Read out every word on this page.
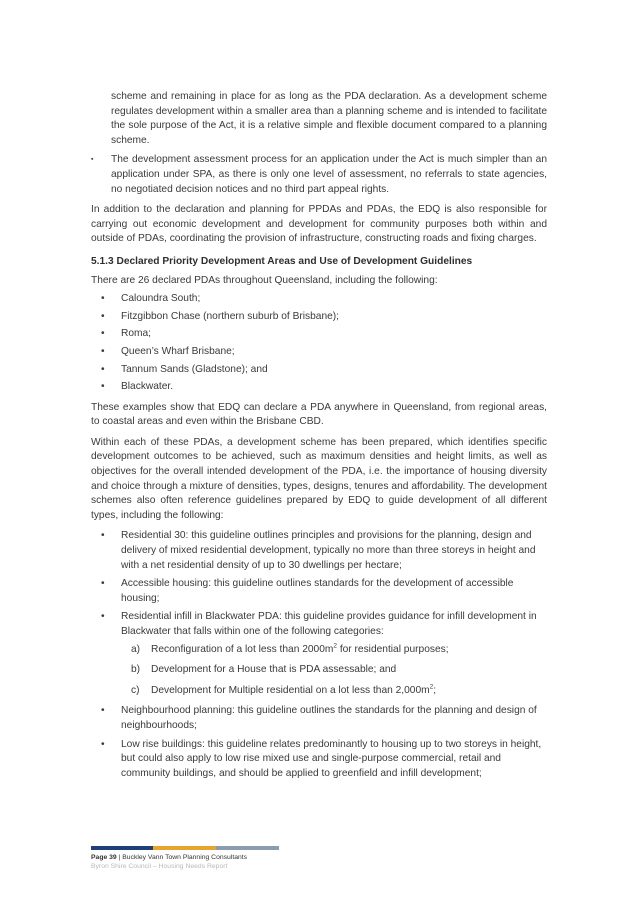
scheme and remaining in place for as long as the PDA declaration. As a development scheme regulates development within a smaller area than a planning scheme and is intended to facilitate the sole purpose of the Act, it is a relative simple and flexible document compared to a planning scheme.

▪ The development assessment process for an application under the Act is much simpler than an application under SPA, as there is only one level of assessment, no referrals to state agencies, no negotiated decision notices and no third part appeal rights.

In addition to the declaration and planning for PPDAs and PDAs, the EDQ is also responsible for carrying out economic development and development for community purposes both within and outside of PDAs, coordinating the provision of infrastructure, constructing roads and fixing charges.

5.1.3 Declared Priority Development Areas and Use of Development Guidelines

There are 26 declared PDAs throughout Queensland, including the following:

• Caloundra South;
• Fitzgibbon Chase (northern suburb of Brisbane);
• Roma;
• Queen’s Wharf Brisbane;
• Tannum Sands (Gladstone); and
• Blackwater.

These examples show that EDQ can declare a PDA anywhere in Queensland, from regional areas, to coastal areas and even within the Brisbane CBD.

Within each of these PDAs, a development scheme has been prepared, which identifies specific development outcomes to be achieved, such as maximum densities and height limits, as well as objectives for the overall intended development of the PDA, i.e. the importance of housing diversity and choice through a mixture of densities, types, designs, tenures and affordability. The development schemes also often reference guidelines prepared by EDQ to guide development of all different types, including the following:

• Residential 30: this guideline outlines principles and provisions for the planning, design and delivery of mixed residential development, typically no more than three storeys in height and with a net residential density of up to 30 dwellings per hectare;

• Accessible housing: this guideline outlines standards for the development of accessible housing;

• Residential infill in Blackwater PDA: this guideline provides guidance for infill development in Blackwater that falls within one of the following categories:

a) Reconfiguration of a lot less than $2000m^2$ for residential purposes;
b) Development for a House that is PDA assessable; and
c) Development for Multiple residential on a lot less than $2,000m^2$;
• Neighbourhood planning: this guideline outlines the standards for the planning and design of neighbourhoods;

• Low rise buildings: this guideline relates predominantly to housing up to two storeys in height, but could also apply to low rise mixed use and single-purpose commercial, retail and community buildings, and should be applied to greenfield and infill development;

Page 39 | Buckley Vann Town Planning Consultants
Byron Shire Council – Housing Needs Report
